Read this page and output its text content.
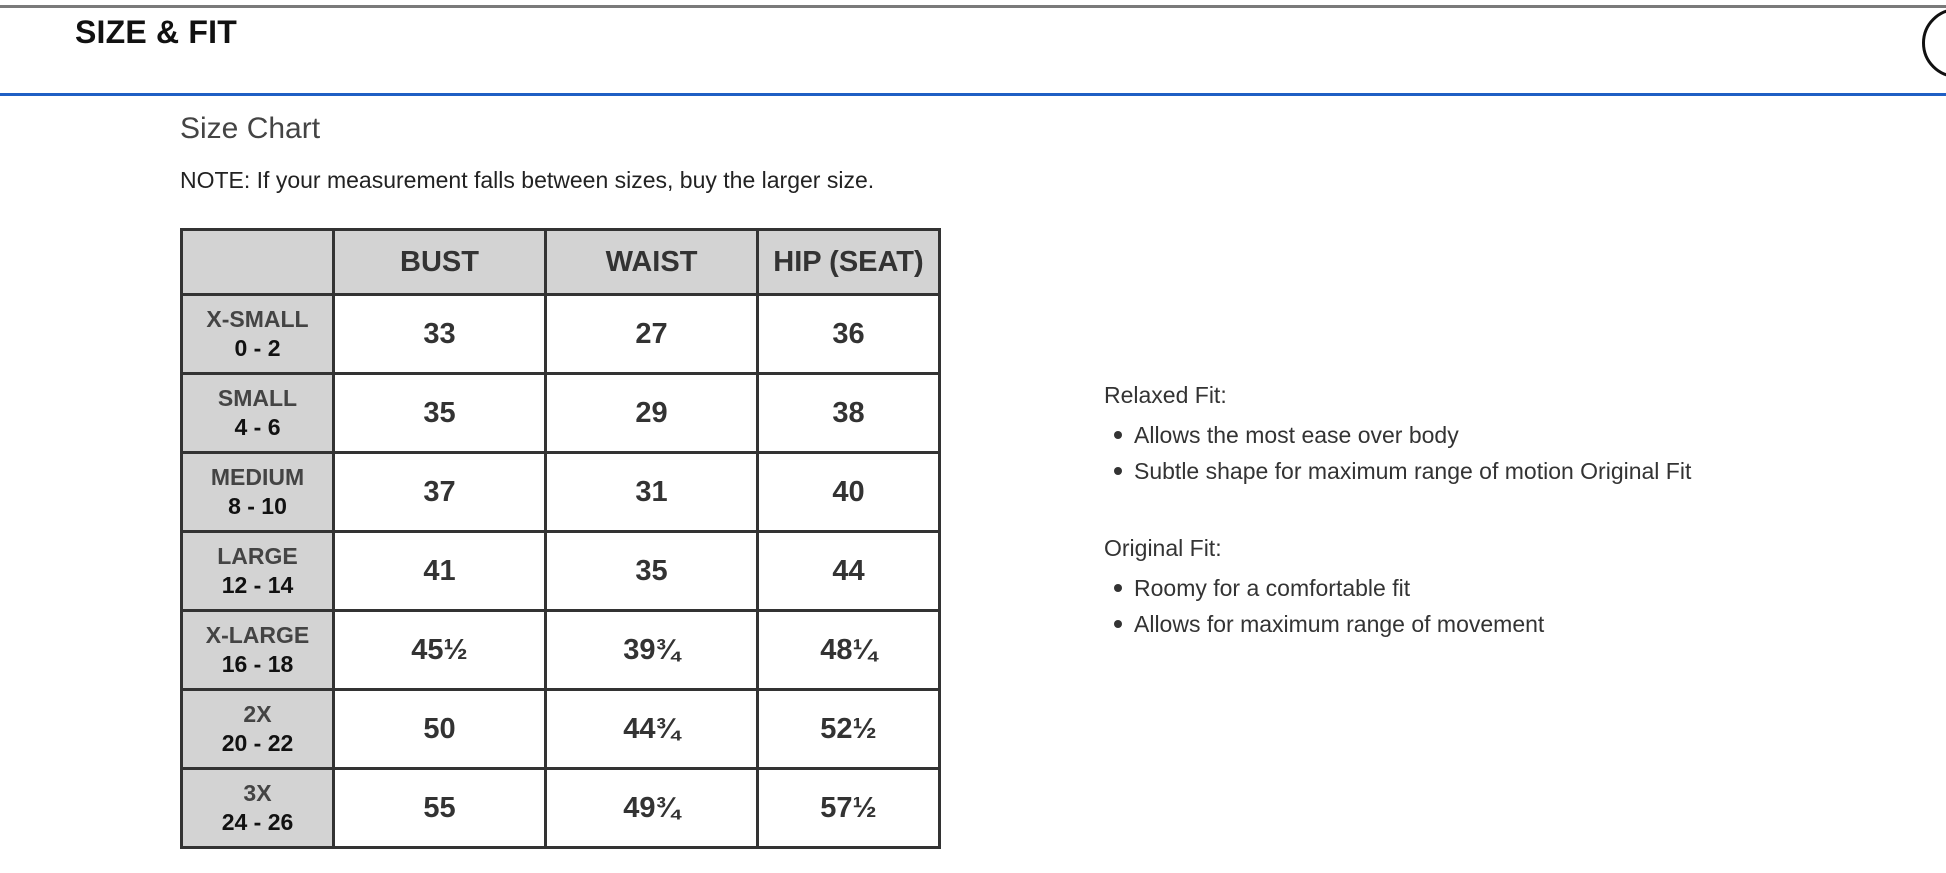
SIZE & FIT
Size Chart
NOTE: If your measurement falls between sizes, buy the larger size.
	BUST	WAIST	HIP (SEAT)

X-SMALL
0 - 2	33	27	36

SMALL
4 - 6	35	29	38

MEDIUM
8 - 10	37	31	40

LARGE
12 - 14	41	35	44

X-LARGE
16 - 18	45½	39¾	48¼

2X
20 - 22	50	44¾	52½

3X
24 - 26	55	49¾	57½
Relaxed Fit:
Allows the most ease over body
Subtle shape for maximum range of motion Original Fit
Original Fit:
Roomy for a comfortable fit
Allows for maximum range of movement
